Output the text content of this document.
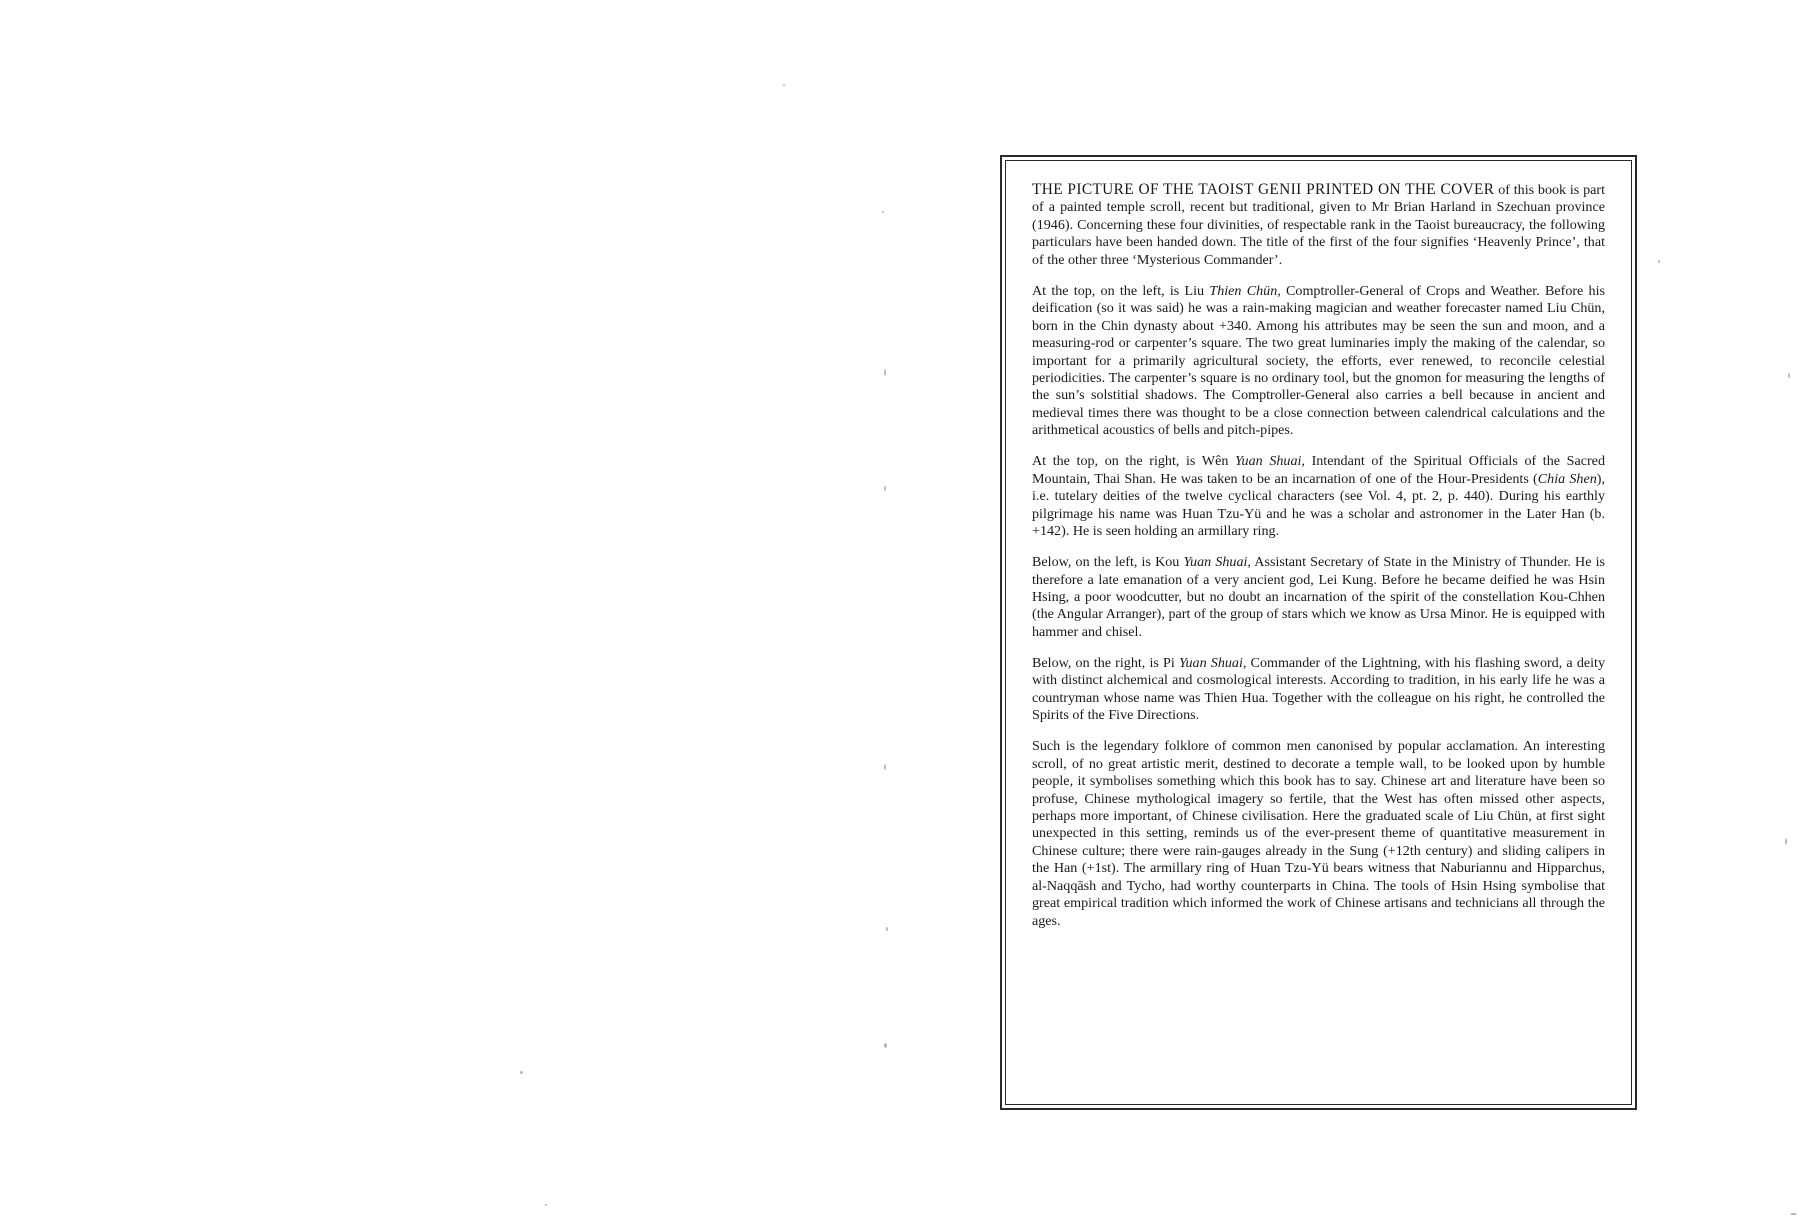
THE PICTURE OF THE TAOIST GENII PRINTED ON THE COVER of this book is part of a painted temple scroll, recent but traditional, given to Mr Brian Harland in Szechuan province (1946). Concerning these four divinities, of respectable rank in the Taoist bureaucracy, the following particulars have been handed down. The title of the first of the four signifies ‘Heavenly Prince’, that of the other three ‘Mysterious Commander’.

At the top, on the left, is Liu Thien Chün, Comptroller-General of Crops and Weather. Before his deification (so it was said) he was a rain-making magician and weather forecaster named Liu Chün, born in the Chin dynasty about +340. Among his attributes may be seen the sun and moon, and a measuring-rod or carpenter’s square. The two great luminaries imply the making of the calendar, so important for a primarily agricultural society, the efforts, ever renewed, to reconcile celestial periodicities. The carpenter’s square is no ordinary tool, but the gnomon for measuring the lengths of the sun’s solstitial shadows. The Comptroller-General also carries a bell because in ancient and medieval times there was thought to be a close connection between calendrical calculations and the arithmetical acoustics of bells and pitch-pipes.

At the top, on the right, is Wên Yuan Shuai, Intendant of the Spiritual Officials of the Sacred Mountain, Thai Shan. He was taken to be an incarnation of one of the Hour-Presidents (Chia Shen), i.e. tutelary deities of the twelve cyclical characters (see Vol. 4, pt. 2, p. 440). During his earthly pilgrimage his name was Huan Tzu-Yü and he was a scholar and astronomer in the Later Han (b. +142). He is seen holding an armillary ring.

Below, on the left, is Kou Yuan Shuai, Assistant Secretary of State in the Ministry of Thunder. He is therefore a late emanation of a very ancient god, Lei Kung. Before he became deified he was Hsin Hsing, a poor woodcutter, but no doubt an incarnation of the spirit of the constellation Kou-Chhen (the Angular Arranger), part of the group of stars which we know as Ursa Minor. He is equipped with hammer and chisel.

Below, on the right, is Pi Yuan Shuai, Commander of the Lightning, with his flashing sword, a deity with distinct alchemical and cosmological interests. According to tradition, in his early life he was a countryman whose name was Thien Hua. Together with the colleague on his right, he controlled the Spirits of the Five Directions.

Such is the legendary folklore of common men canonised by popular acclamation. An interesting scroll, of no great artistic merit, destined to decorate a temple wall, to be looked upon by humble people, it symbolises something which this book has to say. Chinese art and literature have been so profuse, Chinese mythological imagery so fertile, that the West has often missed other aspects, perhaps more important, of Chinese civilisation. Here the graduated scale of Liu Chün, at first sight unexpected in this setting, reminds us of the ever-present theme of quantitative measurement in Chinese culture; there were rain-gauges already in the Sung (+12th century) and sliding calipers in the Han (+1st). The armillary ring of Huan Tzu-Yü bears witness that Naburiannu and Hipparchus, al-Naqqāsh and Tycho, had worthy counterparts in China. The tools of Hsin Hsing symbolise that great empirical tradition which informed the work of Chinese artisans and technicians all through the ages.
